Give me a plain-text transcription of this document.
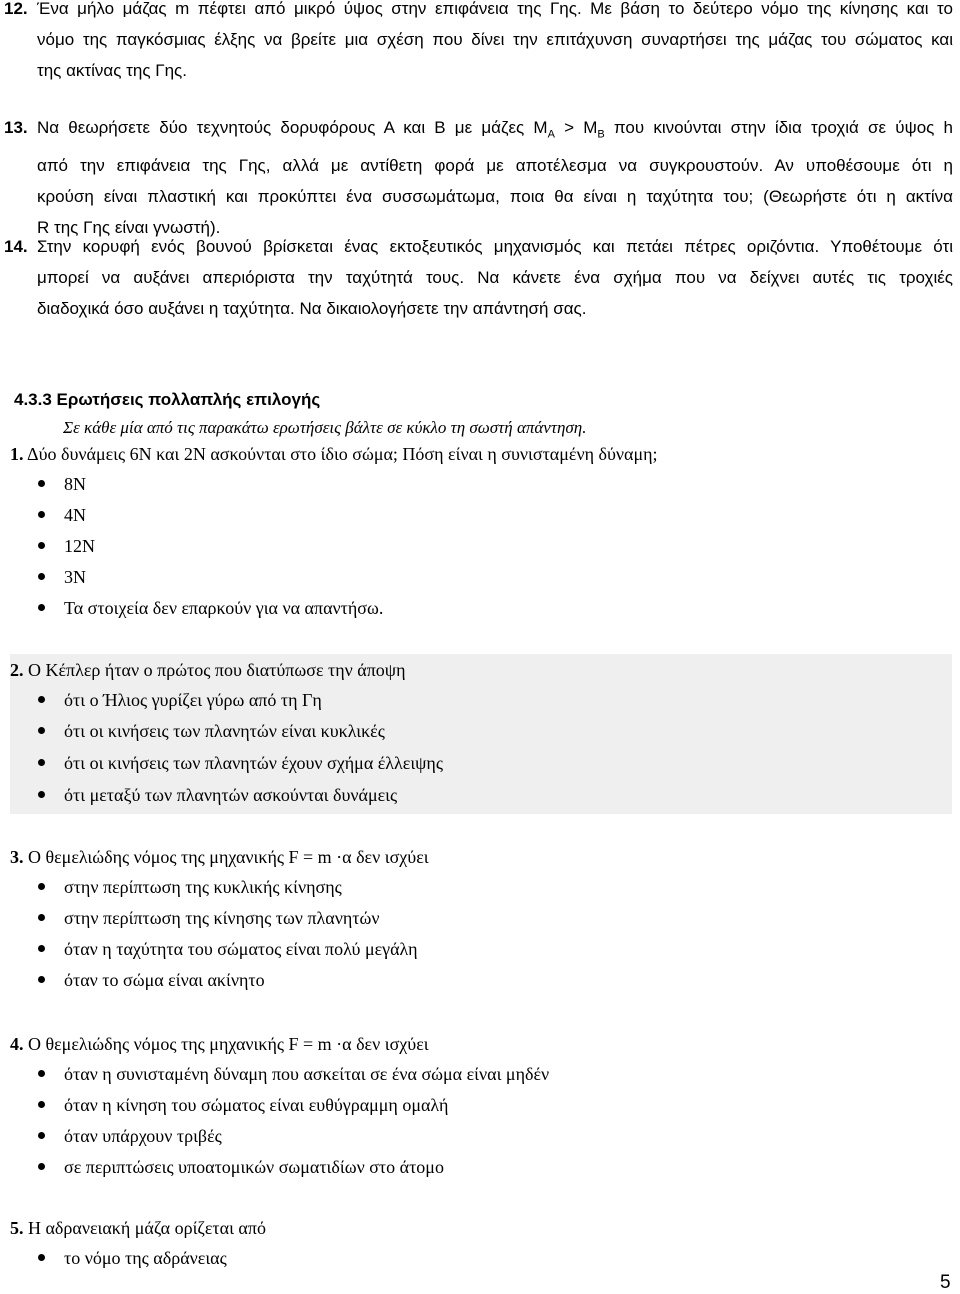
12. Ένα μήλο μάζας m πέφτει από μικρό ύψος στην επιφάνεια της Γης. Με βάση το δεύτερο νόμο της κίνησης και το
νόμο της παγκόσμιας έλξης να βρείτε μια σχέση που δίνει την επιτάχυνση συναρτήσει της μάζας του σώματος και
της ακτίνας της Γης.
13. Να θεωρήσετε δύο τεχνητούς δορυφόρους Α και Β με μάζες $M_A > M_B$ που κινούνται στην ίδια τροχιά σε ύψος h
από την επιφάνεια της Γης, αλλά με αντίθετη φορά με αποτέλεσμα να συγκρουστούν. Αν υποθέσουμε ότι η
κρούση είναι πλαστική και προκύπτει ένα συσσωμάτωμα, ποια θα είναι η ταχύτητα του; (Θεωρήστε ότι η ακτίνα
R της Γης είναι γνωστή).
14. Στην κορυφή ενός βουνού βρίσκεται ένας εκτοξευτικός μηχανισμός και πετάει πέτρες οριζόντια. Υποθέτουμε ότι
μπορεί να αυξάνει απεριόριστα την ταχύτητά τους. Να κάνετε ένα σχήμα που να δείχνει αυτές τις τροχιές
διαδοχικά όσο αυξάνει η ταχύτητα. Να δικαιολογήσετε την απάντησή σας.
4.3.3 Ερωτήσεις πολλαπλής επιλογής
Σε κάθε μία από τις παρακάτω ερωτήσεις βάλτε σε κύκλο τη σωστή απάντηση.
1. Δύο δυνάμεις 6Ν και 2Ν ασκούνται στο ίδιο σώμα; Πόση είναι η συνισταμένη δύναμη;
8N
4N
12N
3N
Τα στοιχεία δεν επαρκούν για να απαντήσω.
2. Ο Κέπλερ ήταν ο πρώτος που διατύπωσε την άποψη
ότι ο Ήλιος γυρίζει γύρω από τη Γη
ότι οι κινήσεις των πλανητών είναι κυκλικές
ότι οι κινήσεις των πλανητών έχουν σχήμα έλλειψης
ότι μεταξύ των πλανητών ασκούνται δυνάμεις
3. Ο θεμελιώδης νόμος της μηχανικής F = m ·α δεν ισχύει
στην περίπτωση της κυκλικής κίνησης
στην περίπτωση της κίνησης των πλανητών
όταν η ταχύτητα του σώματος είναι πολύ μεγάλη
όταν το σώμα είναι ακίνητο
4. Ο θεμελιώδης νόμος της μηχανικής F = m ·α δεν ισχύει
όταν η συνισταμένη δύναμη που ασκείται σε ένα σώμα είναι μηδέν
όταν η κίνηση του σώματος είναι ευθύγραμμη ομαλή
όταν υπάρχουν τριβές
σε περιπτώσεις υποατομικών σωματιδίων στο άτομο
5. Η αδρανειακή μάζα ορίζεται από
το νόμο της αδράνειας
5
